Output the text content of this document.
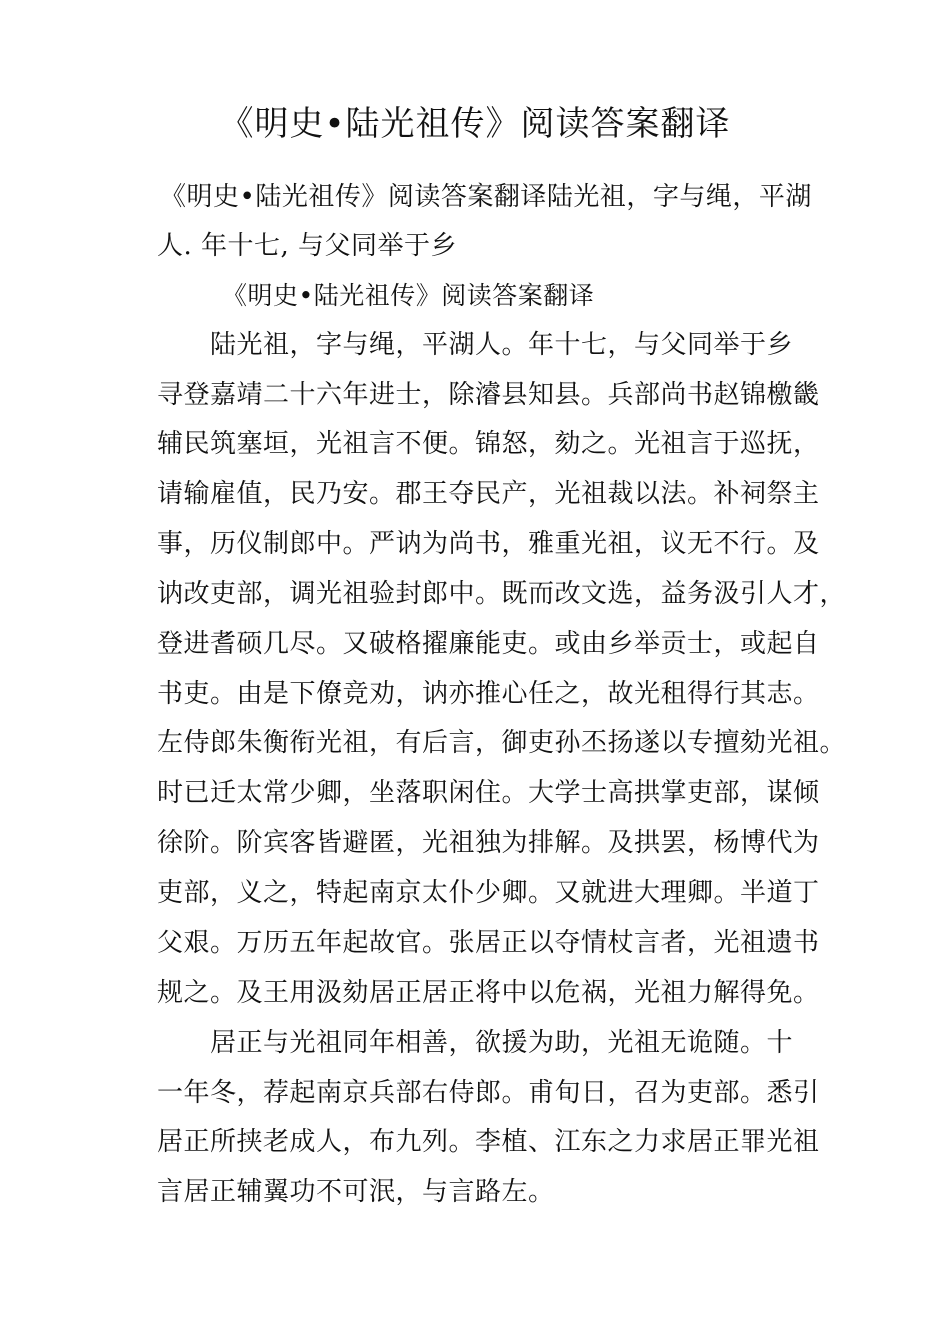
《明史•陆光祖传》阅读答案翻译
《明史•陆光祖传》阅读答案翻译陆光祖，字与绳，平湖
人. 年十七, 与父同举于乡
《明史•陆光祖传》阅读答案翻译
陆光祖，字与绳，平湖人。年十七，与父同举于乡
寻登嘉靖二十六年进士，除濬县知县。兵部尚书赵锦檄畿
辅民筑塞垣，光祖言不便。锦怒，劾之。光祖言于巡抚，
请输雇值，民乃安。郡王夺民产，光祖裁以法。补祠祭主
事，历仪制郎中。严讷为尚书，雅重光祖，议无不行。及
讷改吏部，调光祖验封郎中。既而改文选，益务汲引人才，
登进耆硕几尽。又破格擢廉能吏。或由乡举贡士，或起自
书吏。由是下僚竞劝，讷亦推心任之，故光租得行其志。
左侍郎朱衡衔光祖，有后言，御吏孙丕扬遂以专擅劾光祖。
时已迁太常少卿，坐落职闲住。大学士高拱掌吏部，谋倾
徐阶。阶宾客皆避匿，光祖独为排解。及拱罢，杨博代为
吏部，义之，特起南京太仆少卿。又就进大理卿。半道丁
父艰。万历五年起故官。张居正以夺情杖言者，光祖遗书
规之。及王用汲劾居正居正将中以危祸，光祖力解得免。
居正与光祖同年相善，欲援为助，光祖无诡随。十
一年冬，荐起南京兵部右侍郎。甫旬日，召为吏部。悉引
居正所挟老成人，布九列。李植、江东之力求居正罪光祖
言居正辅翼功不可泯，与言路左。
